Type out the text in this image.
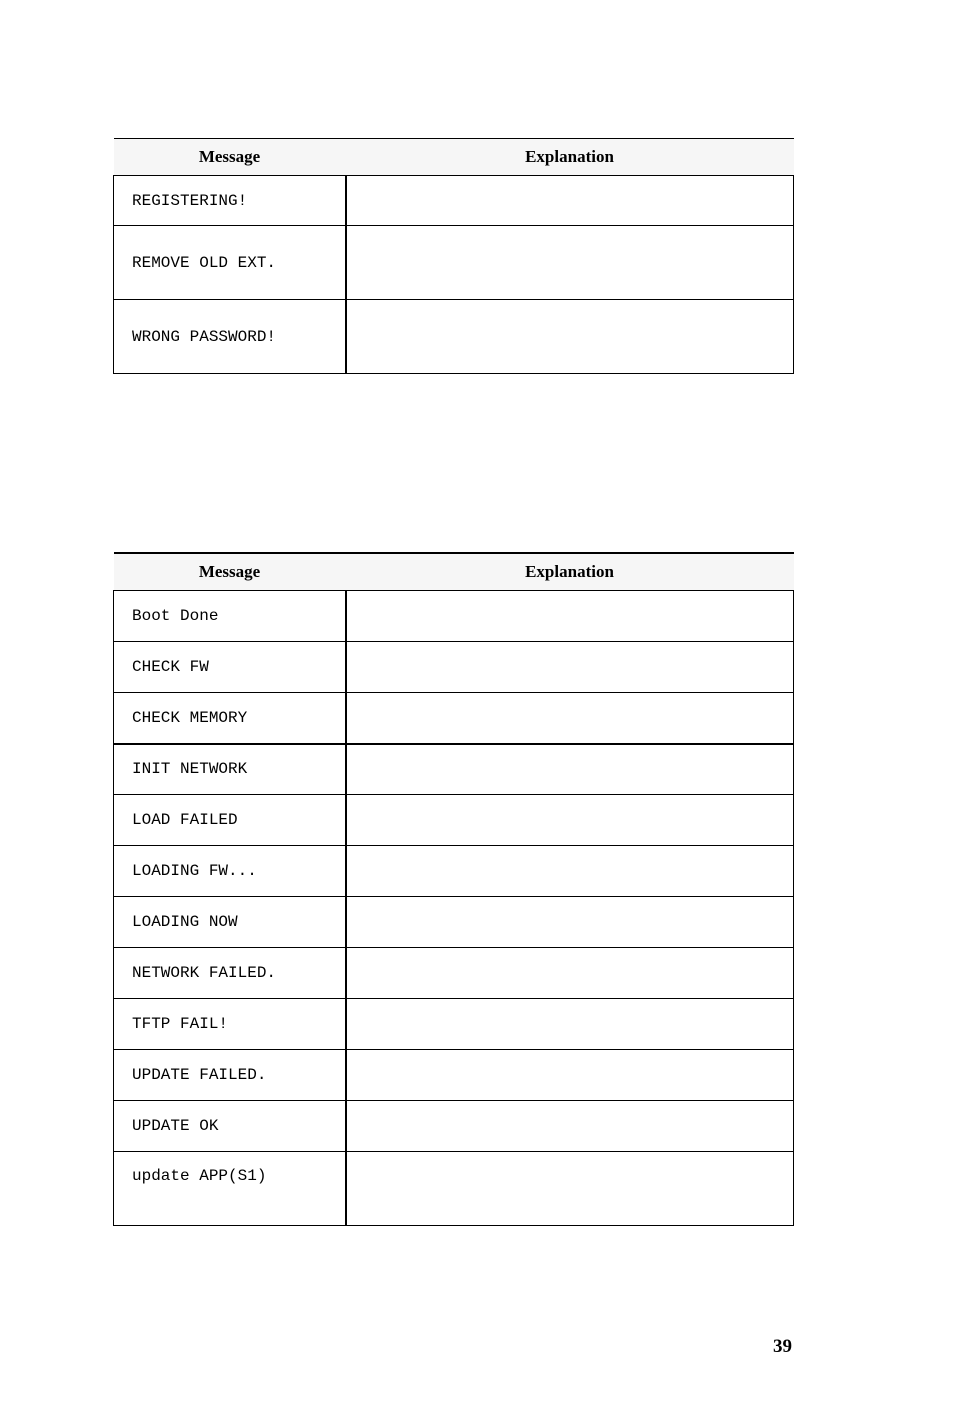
Message	Explanation
REGISTERING!	
REMOVE OLD EXT.	
WRONG PASSWORD!	
Message	Explanation
Boot Done	
CHECK FW	
CHECK MEMORY	
INIT NETWORK	
LOAD FAILED	
LOADING FW...	
LOADING NOW	
NETWORK FAILED.	
TFTP FAIL!	
UPDATE FAILED.	
UPDATE OK	
update APP(S1)	
39
